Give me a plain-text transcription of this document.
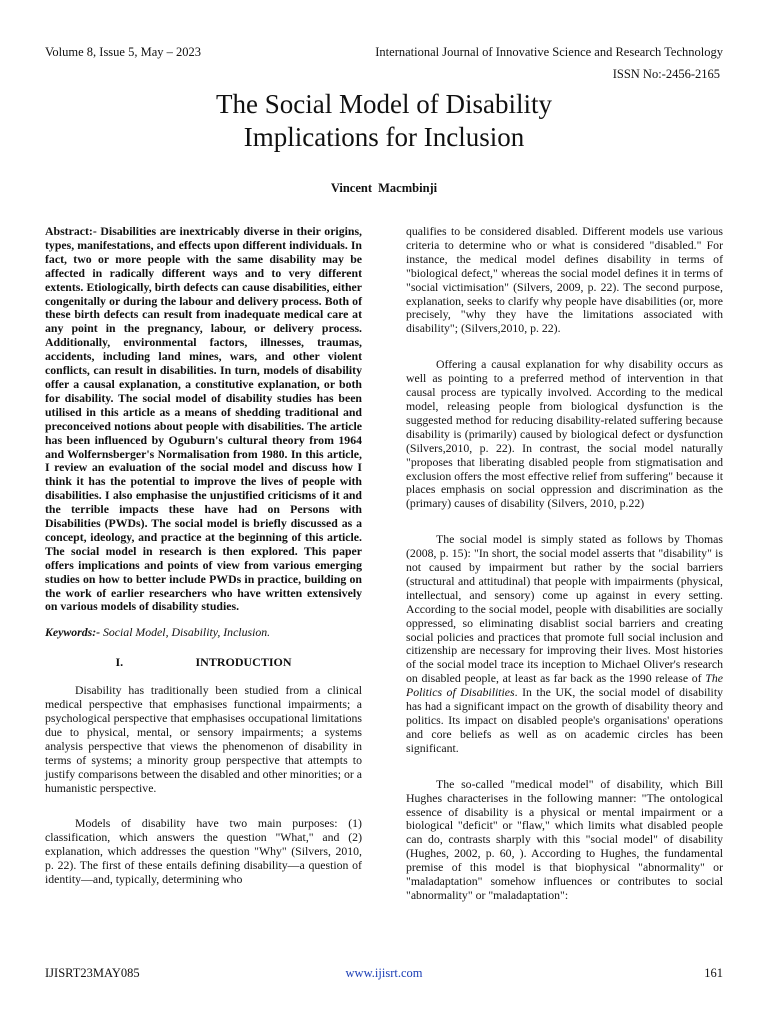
Volume 8, Issue 5, May – 2023	International Journal of Innovative Science and Research Technology
ISSN No:-2456-2165
The Social Model of Disability
Implications for Inclusion
Vincent Macmbinji

Abstract:- Disabilities are inextricably diverse in their origins, types, manifestations, and effects upon different individuals. In fact, two or more people with the same disability may be affected in radically different ways and to very different extents. Etiologically, birth defects can cause disabilities, either congenitally or during the labour and delivery process. Both of these birth defects can result from inadequate medical care at any point in the pregnancy, labour, or delivery process. Additionally, environmental factors, illnesses, traumas, accidents, including land mines, wars, and other violent conflicts, can result in disabilities. In turn, models of disability offer a causal explanation, a constitutive explanation, or both for disability. The social model of disability studies has been utilised in this article as a means of shedding traditional and preconceived notions about people with disabilities. The article has been influenced by Oguburn's cultural theory from 1964 and Wolfernsberger's Normalisation from 1980. In this article, I review an evaluation of the social model and discuss how I think it has the potential to improve the lives of people with disabilities. I also emphasise the unjustified criticisms of it and the terrible impacts these have had on Persons with Disabilities (PWDs). The social model is briefly discussed as a concept, ideology, and practice at the beginning of this article. The social model in research is then explored. This paper offers implications and points of view from various emerging studies on how to better include PWDs in practice, building on the work of earlier researchers who have written extensively on various models of disability studies.

Keywords:- Social Model, Disability, Inclusion.

I.	INTRODUCTION

Disability has traditionally been studied from a clinical medical perspective that emphasises functional impairments; a psychological perspective that emphasises occupational limitations due to physical, mental, or sensory impairments; a systems analysis perspective that views the phenomenon of disability in terms of systems; a minority group perspective that attempts to justify comparisons between the disabled and other minorities; or a humanistic perspective.

Models of disability have two main purposes: (1) classification, which answers the question "What," and (2) explanation, which addresses the question "Why" (Silvers, 2010, p. 22). The first of these entails defining disability—a question of identity—and, typically, determining who

qualifies to be considered disabled. Different models use various criteria to determine who or what is considered "disabled." For instance, the medical model defines disability in terms of "biological defect," whereas the social model defines it in terms of "social victimisation" (Silvers, 2009, p. 22). The second purpose, explanation, seeks to clarify why people have disabilities (or, more precisely, "why they have the limitations associated with disability"; (Silvers,2010, p. 22).

Offering a causal explanation for why disability occurs as well as pointing to a preferred method of intervention in that causal process are typically involved. According to the medical model, releasing people from biological dysfunction is the suggested method for reducing disability-related suffering because disability is (primarily) caused by biological defect or dysfunction (Silvers,2010, p. 22). In contrast, the social model naturally "proposes that liberating disabled people from stigmatisation and exclusion offers the most effective relief from suffering" because it places emphasis on social oppression and discrimination as the (primary) causes of disability (Silvers, 2010, p.22)

The social model is simply stated as follows by Thomas (2008, p. 15): "In short, the social model asserts that "disability" is not caused by impairment but rather by the social barriers (structural and attitudinal) that people with impairments (physical, intellectual, and sensory) come up against in every setting. According to the social model, people with disabilities are socially oppressed, so eliminating disablist social barriers and creating social policies and practices that promote full social inclusion and citizenship are necessary for improving their lives. Most histories of the social model trace its inception to Michael Oliver's research on disabled people, at least as far back as the 1990 release of The Politics of Disabilities. In the UK, the social model of disability has had a significant impact on the growth of disability theory and politics. Its impact on disabled people's organisations' operations and core beliefs as well as on academic circles has been significant.

The so-called "medical model" of disability, which Bill Hughes characterises in the following manner: "The ontological essence of disability is a physical or mental impairment or a biological "deficit" or "flaw," which limits what disabled people can do, contrasts sharply with this "social model" of disability (Hughes, 2002, p. 60, ). According to Hughes, the fundamental premise of this model is that biophysical "abnormality" or "maladaptation" somehow influences or contributes to social "abnormality" or "maladaptation":

IJISRT23MAY085	www.ijisrt.com	161
